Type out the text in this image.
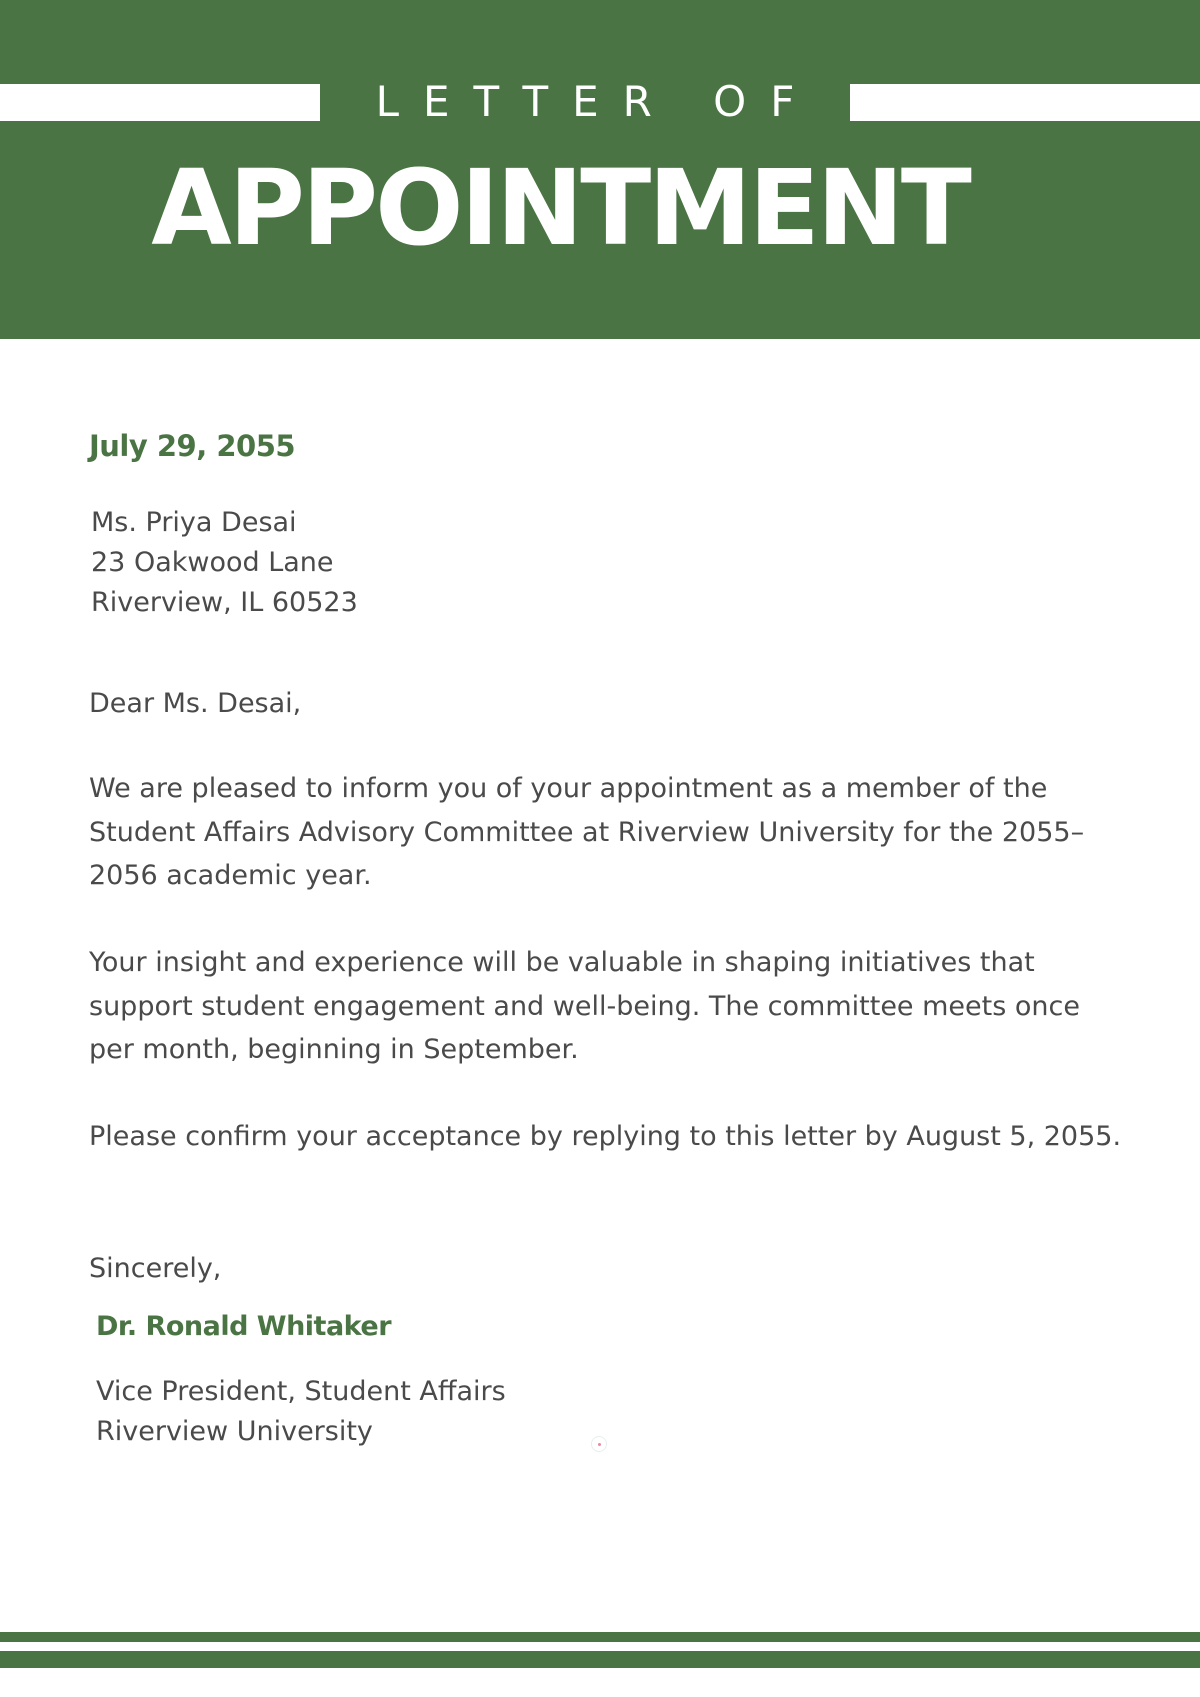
LETTER OF
APPOINTMENT
July 29, 2055
Ms. Priya Desai
23 Oakwood Lane
Riverview, IL 60523
Dear Ms. Desai,
We are pleased to inform you of your appointment as a member of the Student Affairs Advisory Committee at Riverview University for the 2055–2056 academic year.
Your insight and experience will be valuable in shaping initiatives that support student engagement and well-being. The committee meets once per month, beginning in September.
Please confirm your acceptance by replying to this letter by August 5, 2055.
Sincerely,
Dr. Ronald Whitaker
Vice President, Student Affairs
Riverview University
